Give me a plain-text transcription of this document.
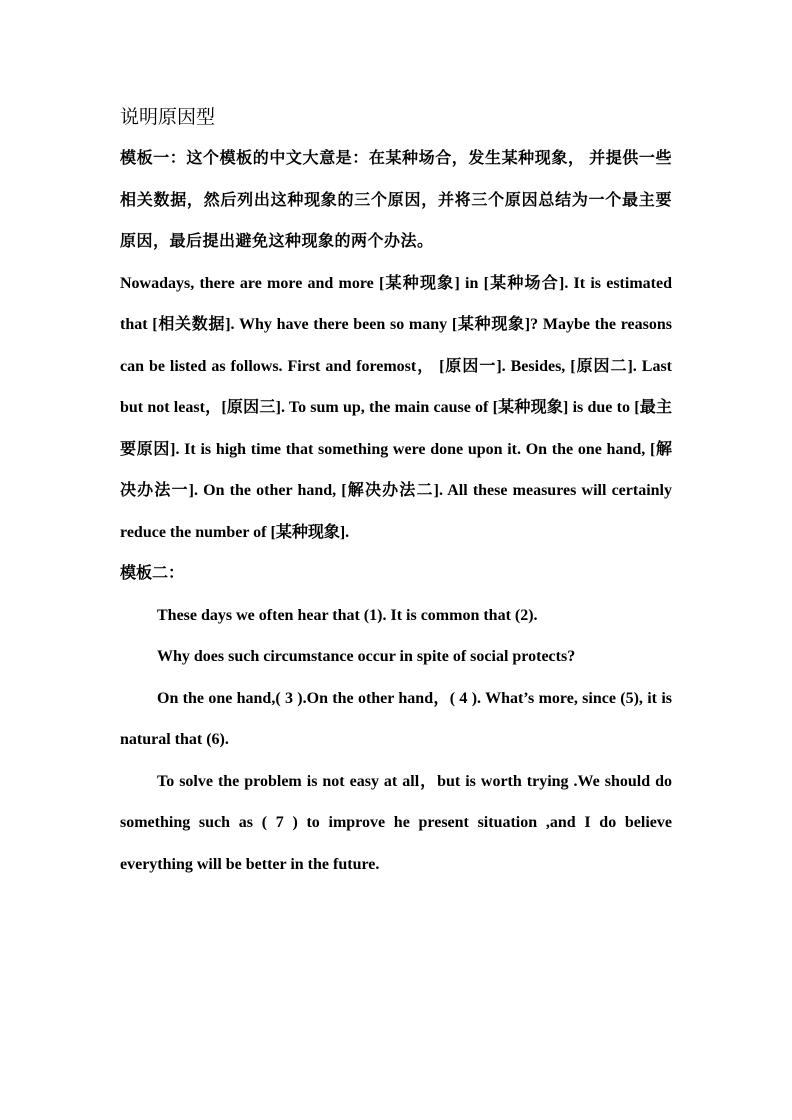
说明原因型

模板一：这个模板的中文大意是：在某种场合，发生某种现象， 并提供一些相关数据，然后列出这种现象的三个原因，并将三个原因总结为一个最主要原因，最后提出避免这种现象的两个办法。

Nowadays, there are more and more [某种现象] in [某种场合]. It is estimated that [相关数据]. Why have there been so many [某种现象]? Maybe the reasons can be listed as follows. First and foremost， [原因一]. Besides, [原因二]. Last but not least，[原因三]. To sum up, the main cause of [某种现象] is due to [最主要原因]. It is high time that something were done upon it. On the one hand, [解决办法一]. On the other hand, [解决办法二]. All these measures will certainly reduce the number of [某种现象].

模板二：

These days we often hear that (1). It is common that (2).

Why does such circumstance occur in spite of social protects?

On the one hand,( 3 ).On the other hand，( 4 ). What’s more, since (5), it is natural that (6).

To solve the problem is not easy at all，but is worth trying .We should do something such as ( 7 ) to improve he present situation ,and I do believe everything will be better in the future.
